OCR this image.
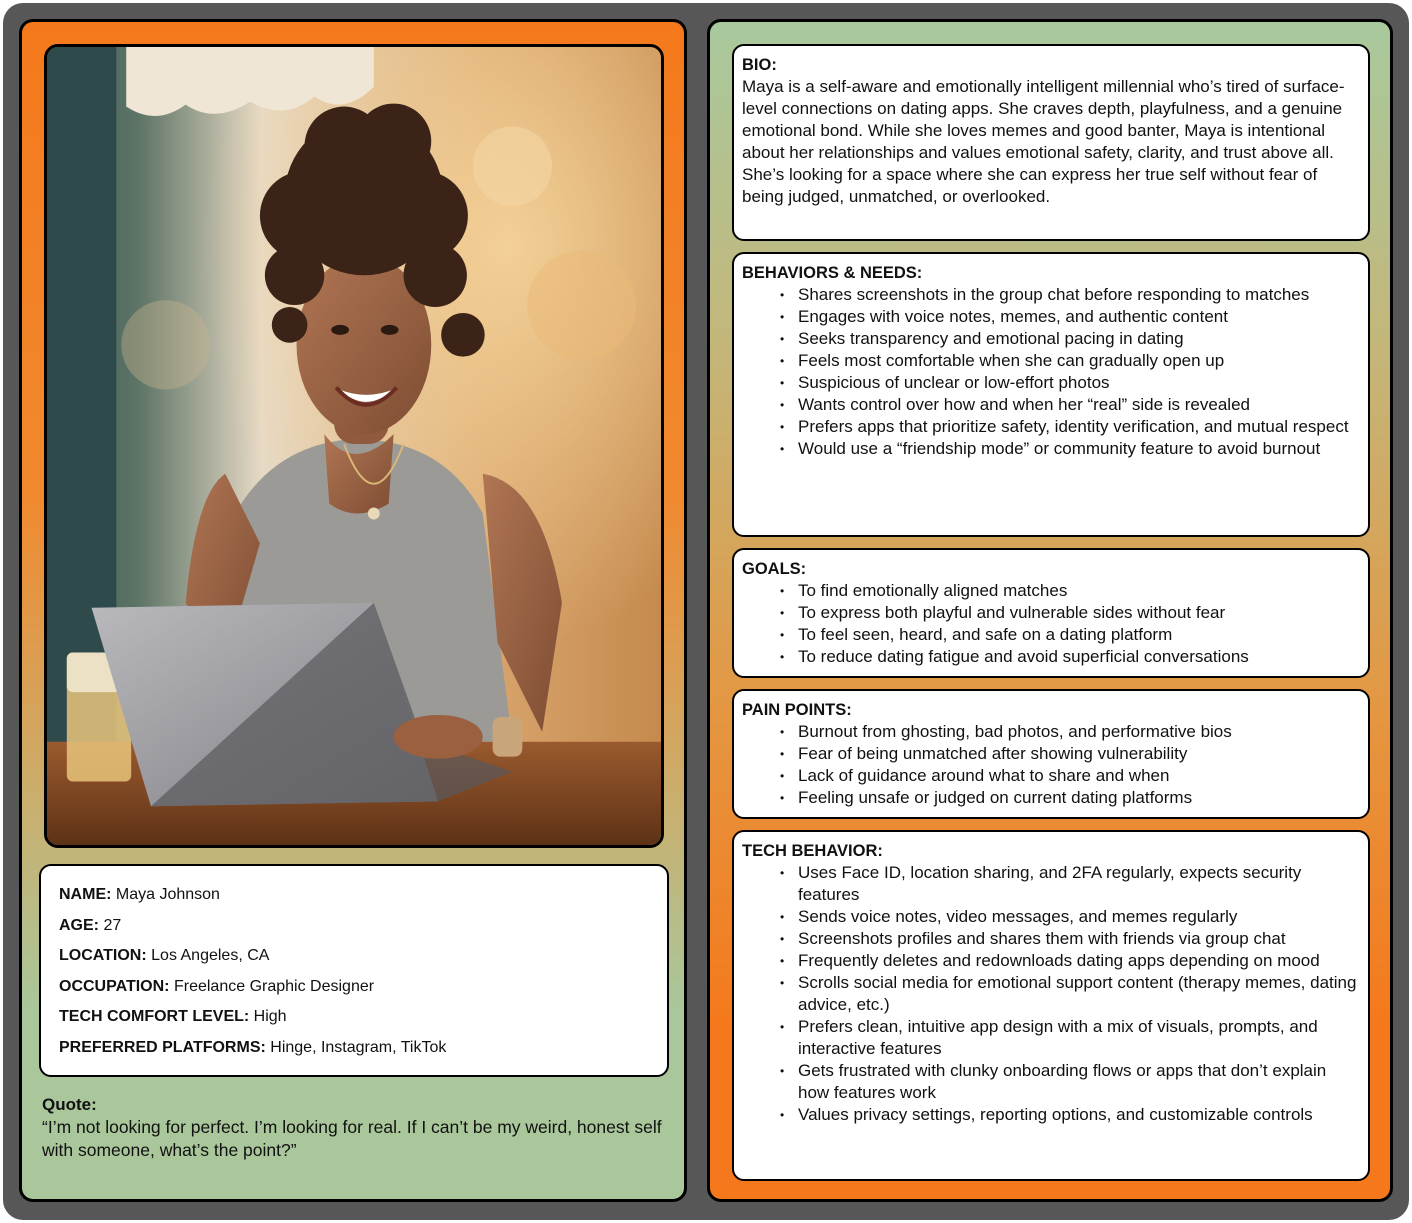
NAME: Maya Johnson
AGE: 27
LOCATION: Los Angeles, CA
OCCUPATION: Freelance Graphic Designer
TECH COMFORT LEVEL: High
PREFERRED PLATFORMS: Hinge, Instagram, TikTok
Quote:
“I’m not looking for perfect. I’m looking for real. If I can’t be my weird, honest self with someone, what’s the point?”
BIO:
Maya is a self-aware and emotionally intelligent millennial who’s tired of surface-level connections on dating apps. She craves depth, playfulness, and a genuine emotional bond. While she loves memes and good banter, Maya is intentional about her relationships and values emotional safety, clarity, and trust above all. She’s looking for a space where she can express her true self without fear of being judged, unmatched, or overlooked.
BEHAVIORS & NEEDS:
• Shares screenshots in the group chat before responding to matches
• Engages with voice notes, memes, and authentic content
• Seeks transparency and emotional pacing in dating
• Feels most comfortable when she can gradually open up
• Suspicious of unclear or low-effort photos
• Wants control over how and when her “real” side is revealed
• Prefers apps that prioritize safety, identity verification, and mutual respect
• Would use a “friendship mode” or community feature to avoid burnout
GOALS:
• To find emotionally aligned matches
• To express both playful and vulnerable sides without fear
• To feel seen, heard, and safe on a dating platform
• To reduce dating fatigue and avoid superficial conversations
PAIN POINTS:
• Burnout from ghosting, bad photos, and performative bios
• Fear of being unmatched after showing vulnerability
• Lack of guidance around what to share and when
• Feeling unsafe or judged on current dating platforms
TECH BEHAVIOR:
• Uses Face ID, location sharing, and 2FA regularly, expects security features
• Sends voice notes, video messages, and memes regularly
• Screenshots profiles and shares them with friends via group chat
• Frequently deletes and redownloads dating apps depending on mood
• Scrolls social media for emotional support content (therapy memes, dating advice, etc.)
• Prefers clean, intuitive app design with a mix of visuals, prompts, and interactive features
• Gets frustrated with clunky onboarding flows or apps that don’t explain how features work
• Values privacy settings, reporting options, and customizable controls
